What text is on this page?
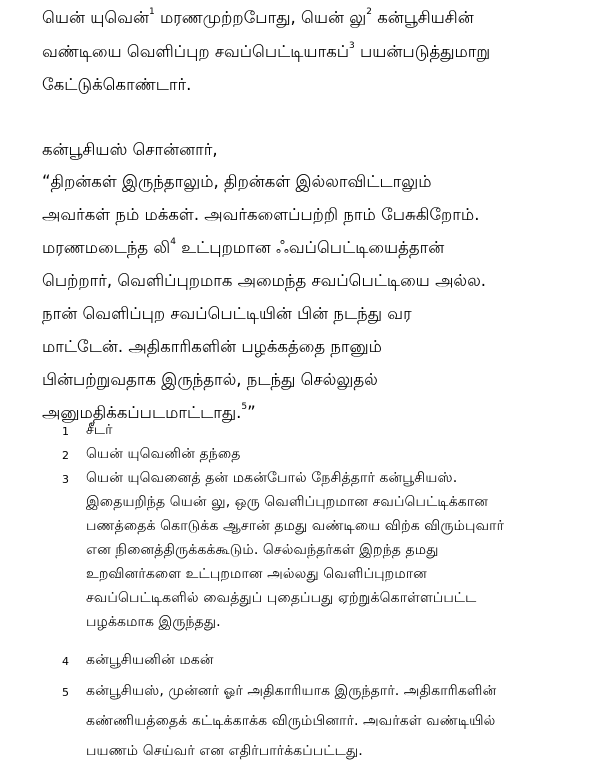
யென் யுவென்$^1$ மரணமுற்றபோது, யென் லு$^2$ கன்பூசியசின்
வண்டியை வெளிப்புற சவப்பெட்டியாகப்$^3$ பயன்படுத்துமாறு
கேட்டுக்கொண்டார்.
கன்பூசியஸ் சொன்னார்,
“திறன்கள் இருந்தாலும், திறன்கள் இல்லாவிட்டாலும்
அவர்கள் நம் மக்கள். அவர்களைப்பற்றி நாம் பேசுகிறோம்.
மரணமடைந்த லி$^4$ உட்புறமான ஃவப்பெட்டியைத்தான்
பெற்றார், வெளிப்புறமாக அமைந்த சவப்பெட்டியை அல்ல.
நான் வெளிப்புற சவப்பெட்டியின் பின் நடந்து வர
மாட்டேன். அதிகாரிகளின் பழக்கத்தை நானும்
பின்பற்றுவதாக இருந்தால், நடந்து செல்லுதல்
அனுமதிக்கப்படமாட்டாது.$^5$”
1 சீடர்
2 யென் யுவெனின் தந்தை
3 யென் யுவெனைத் தன் மகன்போல் நேசித்தார் கன்பூசியஸ்.
இதையறிந்த யென் லு, ஒரு வெளிப்புறமான சவப்பெட்டிக்கான
பணத்தைக் கொடுக்க ஆசான் தமது வண்டியை விற்க விரும்புவார்
என நினைத்திருக்கக்கூடும். செல்வந்தர்கள் இறந்த தமது
உறவினர்களை உட்புறமான அல்லது வெளிப்புறமான
சவப்பெட்டிகளில் வைத்துப் புதைப்பது ஏற்றுக்கொள்ளப்பட்ட
பழக்கமாக இருந்தது.
4 கன்பூசியனின் மகன்
5 கன்பூசியஸ், முன்னர் ஓர் அதிகாரியாக இருந்தார். அதிகாரிகளின்
கண்ணியத்தைக் கட்டிக்காக்க விரும்பினார். அவர்கள் வண்டியில்
பயணம் செய்வர் என எதிர்பார்க்கப்பட்டது.
